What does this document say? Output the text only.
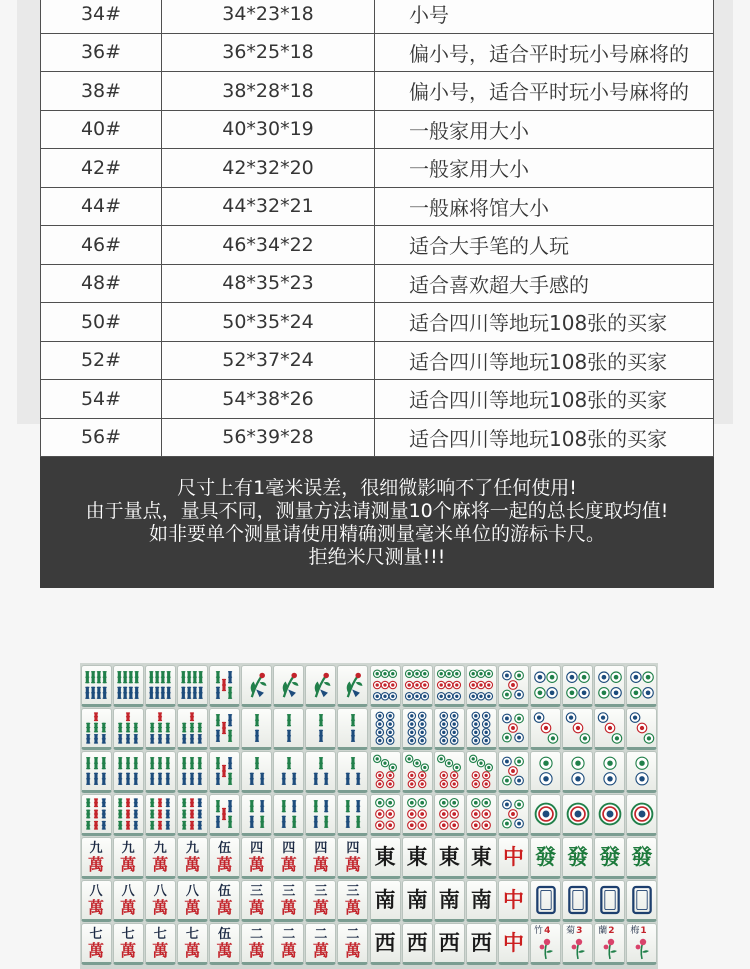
34#	34*23*18	小号
36#	36*25*18	偏小号，适合平时玩小号麻将的
38#	38*28*18	偏小号，适合平时玩小号麻将的
40#	40*30*19	一般家用大小
42#	42*32*20	一般家用大小
44#	44*32*21	一般麻将馆大小
46#	46*34*22	适合大手笔的人玩
48#	48*35*23	适合喜欢超大手感的
50#	50*35*24	适合四川等地玩108张的买家
52#	52*37*24	适合四川等地玩108张的买家
54#	54*38*26	适合四川等地玩108张的买家
56#	56*39*28	适合四川等地玩108张的买家
尺寸上有1毫米误差，很细微影响不了任何使用!
由于量点，量具不同，测量方法请测量10个麻将一起的总长度取均值!
如非要单个测量请使用精确测量毫米单位的游标卡尺。
拒绝米尺测量!!!
九
萬
九
萬
九
萬
九
萬
伍
萬
四
萬
四
萬
四
萬
四
萬 東 東 東 東 中 發 發 發 發
八
萬
八
萬
八
萬
八
萬
伍
萬
三
萬
三
萬
三
萬
三
萬 南 南 南 南 中
七
萬
七
萬
七
萬
七
萬
伍
萬
二
萬
二
萬
二
萬
二
萬 西 西 西 西 中 竹 4 菊 3 蘭 2 梅 1
